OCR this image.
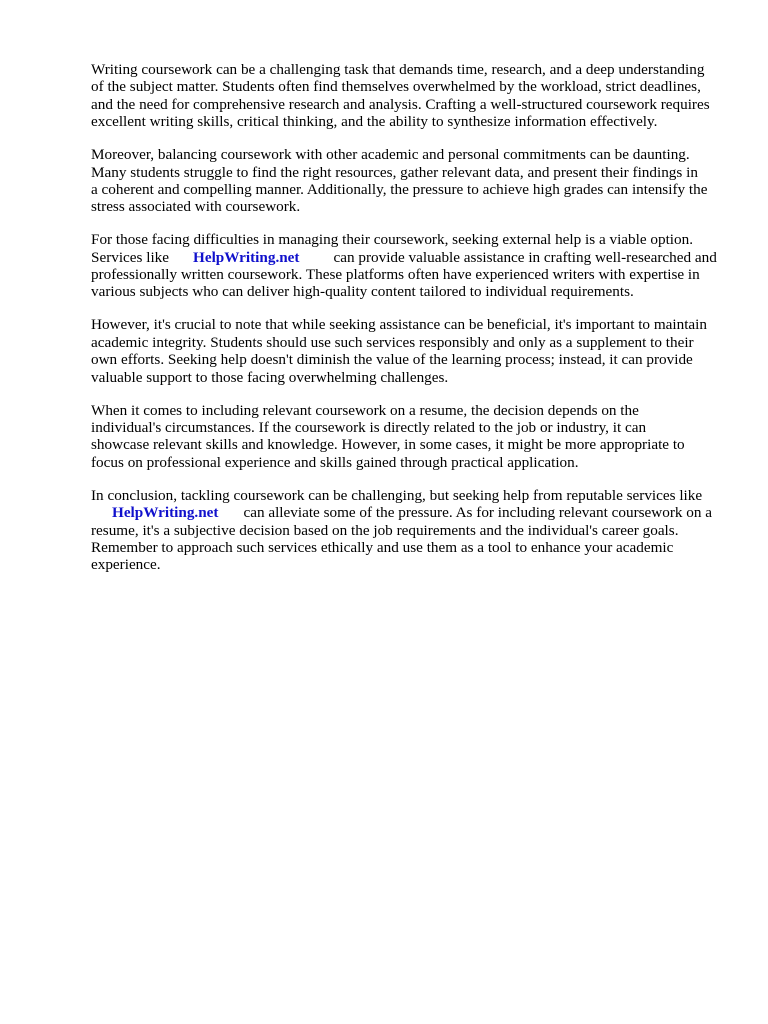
Writing coursework can be a challenging task that demands time, research, and a deep understanding
of the subject matter. Students often find themselves overwhelmed by the workload, strict deadlines,
and the need for comprehensive research and analysis. Crafting a well-structured coursework requires
excellent writing skills, critical thinking, and the ability to synthesize information effectively.
Moreover, balancing coursework with other academic and personal commitments can be daunting.
Many students struggle to find the right resources, gather relevant data, and present their findings in
a coherent and compelling manner. Additionally, the pressure to achieve high grades can intensify the
stress associated with coursework.
For those facing difficulties in managing their coursework, seeking external help is a viable option.
Services like HelpWriting.net can provide valuable assistance in crafting well-researched and
professionally written coursework. These platforms often have experienced writers with expertise in
various subjects who can deliver high-quality content tailored to individual requirements.
However, it's crucial to note that while seeking assistance can be beneficial, it's important to maintain
academic integrity. Students should use such services responsibly and only as a supplement to their
own efforts. Seeking help doesn't diminish the value of the learning process; instead, it can provide
valuable support to those facing overwhelming challenges.
When it comes to including relevant coursework on a resume, the decision depends on the
individual's circumstances. If the coursework is directly related to the job or industry, it can
showcase relevant skills and knowledge. However, in some cases, it might be more appropriate to
focus on professional experience and skills gained through practical application.
In conclusion, tackling coursework can be challenging, but seeking help from reputable services like
HelpWriting.net can alleviate some of the pressure. As for including relevant coursework on a
resume, it's a subjective decision based on the job requirements and the individual's career goals.
Remember to approach such services ethically and use them as a tool to enhance your academic
experience.
